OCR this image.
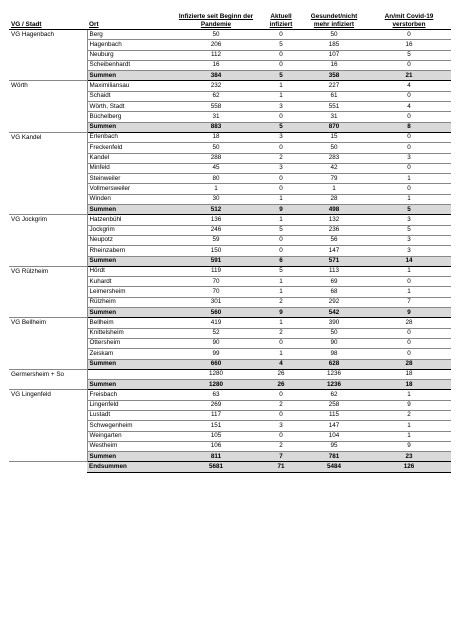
VG / Stadt	Ort	Infizierte seit Beginn der Pandemie	Aktuell infiziert	Gesundet/nicht mehr infiziert	An/mit Covid-19 verstorben
VG Hagenbach	Berg	50	0	50	0
	Hagenbach	206	5	185	16
	Neuburg	112	0	107	5
	Scheibenhardt	16	0	16	0
	Summen	384	5	358	21
Wörth	Maximiliansau	232	1	227	4
	Schaidt	62	1	61	0
	Wörth, Stadt	558	3	551	4
	Büchelberg	31	0	31	0
	Summen	883	5	870	8
VG Kandel	Erlenbach	18	3	15	0
	Freckenfeld	50	0	50	0
	Kandel	288	2	283	3
	Minfeld	45	3	42	0
	Steinweiler	80	0	79	1
	Vollmersweiler	1	0	1	0
	Winden	30	1	28	1
	Summen	512	9	498	5
VG Jockgrim	Hatzenbühl	136	1	132	3
	Jockgrim	246	5	236	5
	Neupotz	59	0	56	3
	Rheinzabern	150	0	147	3
	Summen	591	6	571	14
VG Rülzheim	Hördt	119	5	113	1
	Kuhardt	70	1	69	0
	Leimersheim	70	1	68	1
	Rülzheim	301	2	292	7
	Summen	560	9	542	9
VG Bellheim	Bellheim	419	1	390	28
	Knittelsheim	52	2	50	0
	Ottersheim	90	0	90	0
	Zeiskam	99	1	98	0
	Summen	660	4	628	28
Germersheim + So		1280	26	1236	18
	Summen	1280	26	1236	18
VG Lingenfeld	Freisbach	63	0	62	1
	Lingenfeld	269	2	258	9
	Lustadt	117	0	115	2
	Schwegenheim	151	3	147	1
	Weingarten	105	0	104	1
	Westheim	106	2	95	9
	Summen	811	7	781	23
	Endsummen	5681	71	5484	126
